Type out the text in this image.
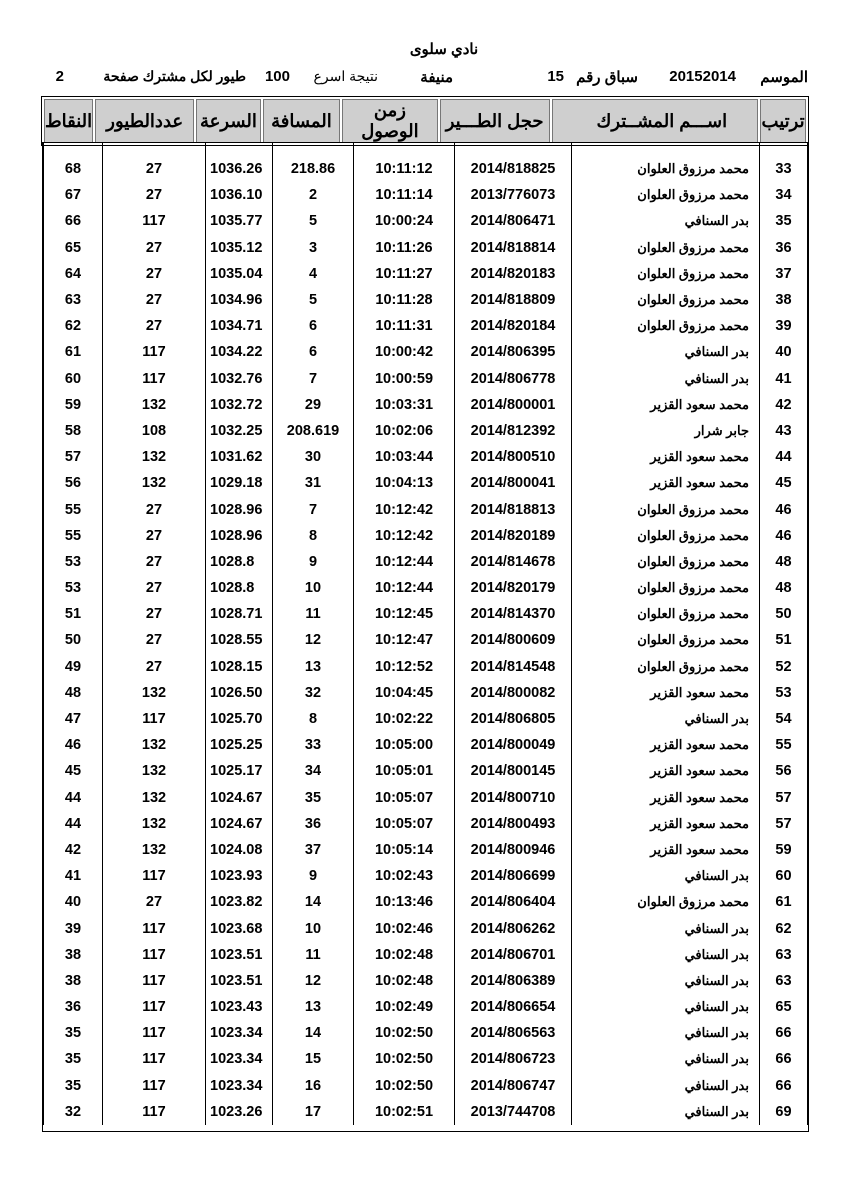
نادي سلوى
الموسم
20152014
سباق رقم
15
منيفة
نتيجة اسرع
100
طيور لكل مشترك صفحة
2
ترتيب	اســـم المشــترك	حجل الطـــير	زمن الوصول	المسافة	السرعة	عددالطيور	النقاط
33	محمد مرزوق العلوان	2014/818825	10:11:12	218.86	1036.26	27	68
34	محمد مرزوق العلوان	2013/776073	10:11:14	2	1036.10	27	67
35	بدر السنافي	2014/806471	10:00:24	5	1035.77	117	66
36	محمد مرزوق العلوان	2014/818814	10:11:26	3	1035.12	27	65
37	محمد مرزوق العلوان	2014/820183	10:11:27	4	1035.04	27	64
38	محمد مرزوق العلوان	2014/818809	10:11:28	5	1034.96	27	63
39	محمد مرزوق العلوان	2014/820184	10:11:31	6	1034.71	27	62
40	بدر السنافي	2014/806395	10:00:42	6	1034.22	117	61
41	بدر السنافي	2014/806778	10:00:59	7	1032.76	117	60
42	محمد سعود القزير	2014/800001	10:03:31	29	1032.72	132	59
43	جابر شرار	2014/812392	10:02:06	208.619	1032.25	108	58
44	محمد سعود القزير	2014/800510	10:03:44	30	1031.62	132	57
45	محمد سعود القزير	2014/800041	10:04:13	31	1029.18	132	56
46	محمد مرزوق العلوان	2014/818813	10:12:42	7	1028.96	27	55
46	محمد مرزوق العلوان	2014/820189	10:12:42	8	1028.96	27	55
48	محمد مرزوق العلوان	2014/814678	10:12:44	9	1028.8	27	53
48	محمد مرزوق العلوان	2014/820179	10:12:44	10	1028.8	27	53
50	محمد مرزوق العلوان	2014/814370	10:12:45	11	1028.71	27	51
51	محمد مرزوق العلوان	2014/800609	10:12:47	12	1028.55	27	50
52	محمد مرزوق العلوان	2014/814548	10:12:52	13	1028.15	27	49
53	محمد سعود القزير	2014/800082	10:04:45	32	1026.50	132	48
54	بدر السنافي	2014/806805	10:02:22	8	1025.70	117	47
55	محمد سعود القزير	2014/800049	10:05:00	33	1025.25	132	46
56	محمد سعود القزير	2014/800145	10:05:01	34	1025.17	132	45
57	محمد سعود القزير	2014/800710	10:05:07	35	1024.67	132	44
57	محمد سعود القزير	2014/800493	10:05:07	36	1024.67	132	44
59	محمد سعود القزير	2014/800946	10:05:14	37	1024.08	132	42
60	بدر السنافي	2014/806699	10:02:43	9	1023.93	117	41
61	محمد مرزوق العلوان	2014/806404	10:13:46	14	1023.82	27	40
62	بدر السنافي	2014/806262	10:02:46	10	1023.68	117	39
63	بدر السنافي	2014/806701	10:02:48	11	1023.51	117	38
63	بدر السنافي	2014/806389	10:02:48	12	1023.51	117	38
65	بدر السنافي	2014/806654	10:02:49	13	1023.43	117	36
66	بدر السنافي	2014/806563	10:02:50	14	1023.34	117	35
66	بدر السنافي	2014/806723	10:02:50	15	1023.34	117	35
66	بدر السنافي	2014/806747	10:02:50	16	1023.34	117	35
69	بدر السنافي	2013/744708	10:02:51	17	1023.26	117	32
